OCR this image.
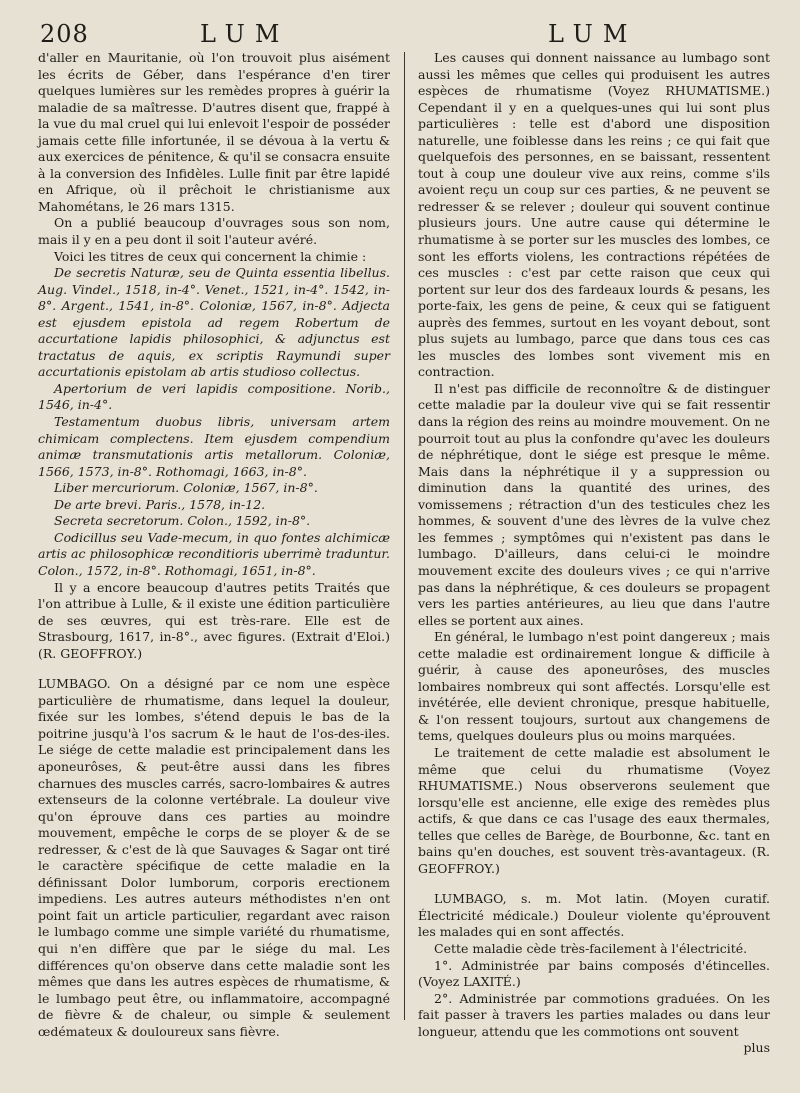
208	LUM	LUM

d'aller en Mauritanie, où l'on trouvoit plus aisément les écrits de Géber, dans l'espérance d'en tirer quelques lumières sur les remèdes propres à guérir la maladie de sa maîtresse. D'autres disent que, frappé à la vue du mal cruel qui lui enlevoit l'espoir de posséder jamais cette fille infortunée, il se dévoua à la vertu & aux exercices de pénitence, & qu'il se consacra ensuite à la conversion des Infidèles. Lulle finit par être lapidé en Afrique, où il prêchoit le christianisme aux Mahométans, le 26 mars 1315.

On a publié beaucoup d'ouvrages sous son nom, mais il y en a peu dont il soit l'auteur avéré.

Voici les titres de ceux qui concernent la chimie :

De secretis Naturæ, seu de Quinta essentia libellus. Aug. Vindel., 1518, in-4°. Venet., 1521, in-4°. 1542, in-8°. Argent., 1541, in-8°. Coloniæ, 1567, in-8°. Adjecta est ejusdem epistola ad regem Robertum de accurtatione lapidis philosophici, & adjunctus est tractatus de aquis, ex scriptis Raymundi super accurtationis epistolam ab artis studioso collectus.

Apertorium de veri lapidis compositione. Norib., 1546, in-4°.

Testamentum duobus libris, universam artem chimicam complectens. Item ejusdem compendium animæ transmutationis artis metallorum. Coloniæ, 1566, 1573, in-8°. Rothomagi, 1663, in-8°.

Liber mercuriorum. Coloniæ, 1567, in-8°.

De arte brevi. Paris., 1578, in-12.

Secreta secretorum. Colon., 1592, in-8°.

Codicillus seu Vade-mecum, in quo fontes alchimicæ artis ac philosophicæ reconditioris uberrimè traduntur. Colon., 1572, in-8°. Rothomagi, 1651, in-8°.

Il y a encore beaucoup d'autres petits Traités que l'on attribue à Lulle, & il existe une édition particulière de ses œuvres, qui est très-rare. Elle est de Strasbourg, 1617, in-8°., avec figures. (Extrait d'Eloi.) (R. GEOFFROY.)

LUMBAGO. On a désigné par ce nom une espèce particulière de rhumatisme, dans lequel la douleur, fixée sur les lombes, s'étend depuis le bas de la poitrine jusqu'à l'os sacrum & le haut de l'os-des-iles. Le siége de cette maladie est principalement dans les aponeurôses, & peut-être aussi dans les fibres charnues des muscles carrés, sacro-lombaires & autres extenseurs de la colonne vertébrale. La douleur vive qu'on éprouve dans ces parties au moindre mouvement, empêche le corps de se ployer & de se redresser, & c'est de là que Sauvages & Sagar ont tiré le caractère spécifique de cette maladie en la définissant Dolor lumborum, corporis erectionem impediens. Les autres auteurs méthodistes n'en ont point fait un article particulier, regardant avec raison le lumbago comme une simple variété du rhumatisme, qui n'en diffère que par le siége du mal. Les différences qu'on observe dans cette maladie sont les mêmes que dans les autres espèces de rhumatisme, & le lumbago peut être, ou inflammatoire, accompagné de fièvre & de chaleur, ou simple & seulement œdémateux & douloureux sans fièvre.

Les causes qui donnent naissance au lumbago sont aussi les mêmes que celles qui produisent les autres espèces de rhumatisme (Voyez RHUMATISME.) Cependant il y en a quelques-unes qui lui sont plus particulières : telle est d'abord une disposition naturelle, une foiblesse dans les reins ; ce qui fait que quelquefois des personnes, en se baissant, ressentent tout à coup une douleur vive aux reins, comme s'ils avoient reçu un coup sur ces parties, & ne peuvent se redresser & se relever ; douleur qui souvent continue plusieurs jours. Une autre cause qui détermine le rhumatisme à se porter sur les muscles des lombes, ce sont les efforts violens, les contractions répétées de ces muscles : c'est par cette raison que ceux qui portent sur leur dos des fardeaux lourds & pesans, les porte-faix, les gens de peine, & ceux qui se fatiguent auprès des femmes, surtout en les voyant debout, sont plus sujets au lumbago, parce que dans tous ces cas les muscles des lombes sont vivement mis en contraction.

Il n'est pas difficile de reconnoître & de distinguer cette maladie par la douleur vive qui se fait ressentir dans la région des reins au moindre mouvement. On ne pourroit tout au plus la confondre qu'avec les douleurs de néphrétique, dont le siége est presque le même. Mais dans la néphrétique il y a suppression ou diminution dans la quantité des urines, des vomissemens ; rétraction d'un des testicules chez les hommes, & souvent d'une des lèvres de la vulve chez les femmes ; symptômes qui n'existent pas dans le lumbago. D'ailleurs, dans celui-ci le moindre mouvement excite des douleurs vives ; ce qui n'arrive pas dans la néphrétique, & ces douleurs se propagent vers les parties antérieures, au lieu que dans l'autre elles se portent aux aines.

En général, le lumbago n'est point dangereux ; mais cette maladie est ordinairement longue & difficile à guérir, à cause des aponeurôses, des muscles lombaires nombreux qui sont affectés. Lorsqu'elle est invétérée, elle devient chronique, presque habituelle, & l'on ressent toujours, surtout aux changemens de tems, quelques douleurs plus ou moins marquées.

Le traitement de cette maladie est absolument le même que celui du rhumatisme (Voyez RHUMATISME.) Nous observerons seulement que lorsqu'elle est ancienne, elle exige des remèdes plus actifs, & que dans ce cas l'usage des eaux thermales, telles que celles de Barège, de Bourbonne, &c. tant en bains qu'en douches, est souvent très-avantageux. (R. GEOFFROY.)

LUMBAGO, s. m. Mot latin. (Moyen curatif. Électricité médicale.) Douleur violente qu'éprouvent les malades qui en sont affectés.

Cette maladie cède très-facilement à l'électricité.

1°. Administrée par bains composés d'étincelles. (Voyez LAXITÉ.)

2°. Administrée par commotions graduées. On les fait passer à travers les parties malades ou dans leur longueur, attendu que les commotions ont souvent

plus
